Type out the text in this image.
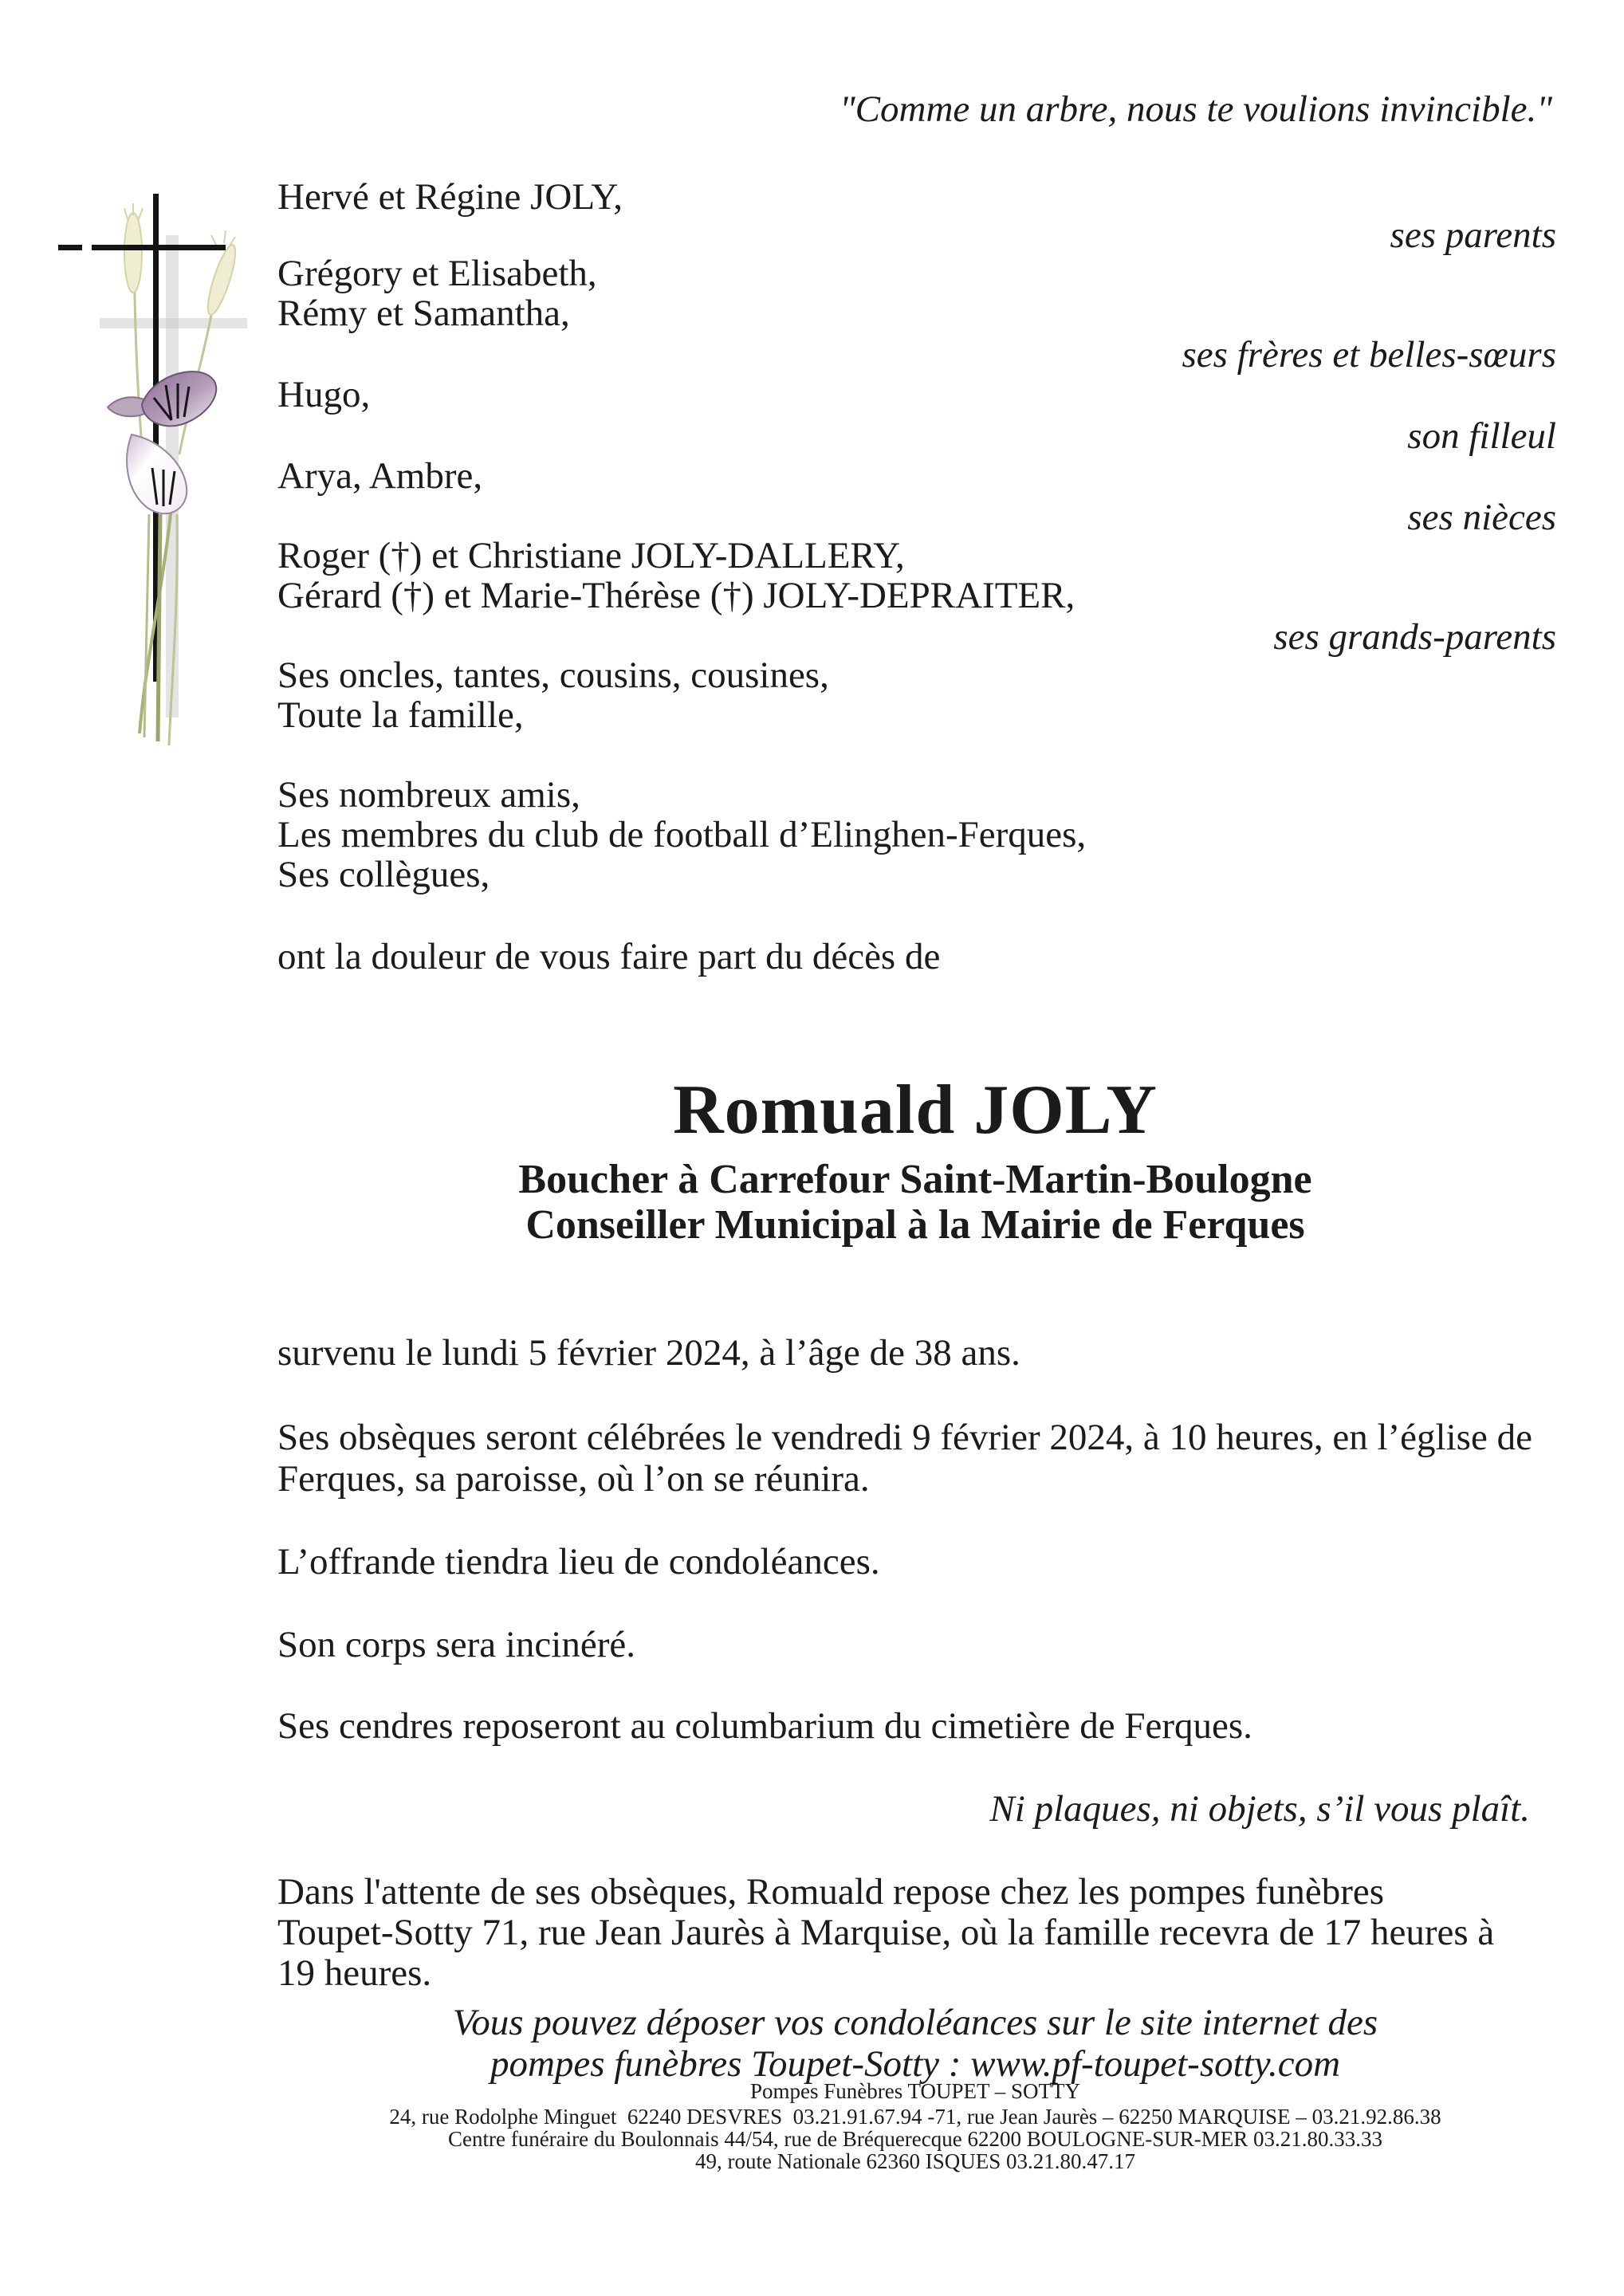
"Comme un arbre, nous te voulions invincible."
Hervé et Régine JOLY,
Grégory et Elisabeth,
Rémy et Samantha,
Hugo,
Arya, Ambre,
Roger (†) et Christiane JOLY-DALLERY,
Gérard (†) et Marie-Thérèse (†) JOLY-DEPRAITER,
Ses oncles, tantes, cousins, cousines,
Toute la famille,
Ses nombreux amis,
Les membres du club de football d’Elinghen-Ferques,
Ses collègues,
ses parents
ses frères et belles-sœurs
son filleul
ses nièces
ses grands-parents
ont la douleur de vous faire part du décès de
Romuald JOLY
Boucher à Carrefour Saint-Martin-Boulogne
Conseiller Municipal à la Mairie de Ferques
survenu le lundi 5 février 2024, à l’âge de 38 ans.
Ses obsèques seront célébrées le vendredi 9 février 2024, à 10 heures, en l’église de
Ferques, sa paroisse, où l’on se réunira.
L’offrande tiendra lieu de condoléances.
Son corps sera incinéré.
Ses cendres reposeront au columbarium du cimetière de Ferques.
Ni plaques, ni objets, s’il vous plaît.
Dans l'attente de ses obsèques, Romuald repose chez les pompes funèbres
Toupet-Sotty 71, rue Jean Jaurès à Marquise, où la famille recevra de 17 heures à
19 heures.
Vous pouvez déposer vos condoléances sur le site internet des
pompes funèbres Toupet-Sotty : www.pf-toupet-sotty.com
Pompes Funèbres TOUPET – SOTTY
24, rue Rodolphe Minguet  62240 DESVRES  03.21.91.67.94 -71, rue Jean Jaurès – 62250 MARQUISE – 03.21.92.86.38
Centre funéraire du Boulonnais 44/54, rue de Bréquerecque 62200 BOULOGNE-SUR-MER 03.21.80.33.33
49, route Nationale 62360 ISQUES 03.21.80.47.17
